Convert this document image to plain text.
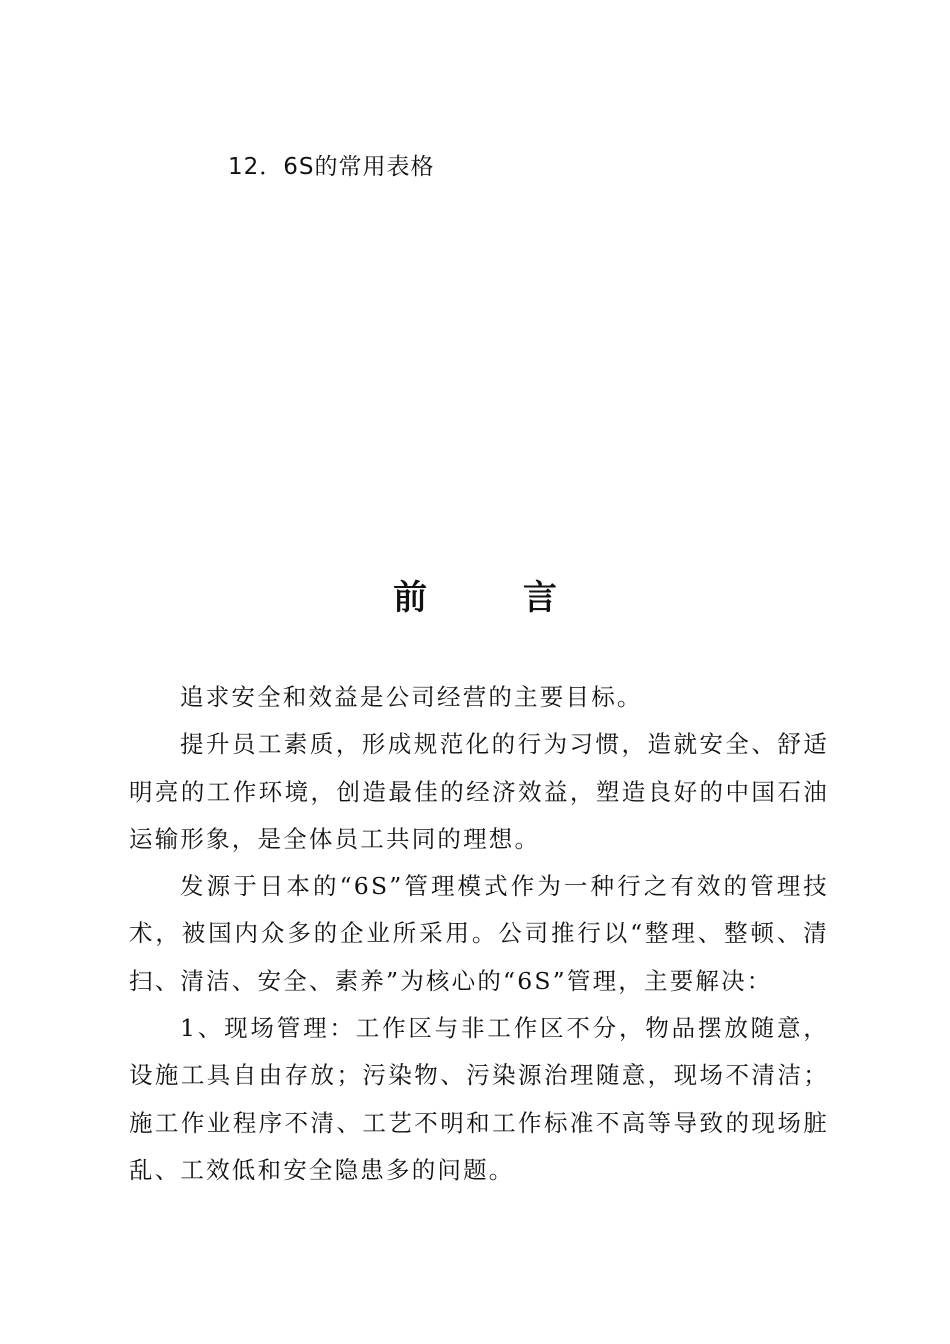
12．6S的常用表格
前 言

追求安全和效益是公司经营的主要目标。

提升员工素质，形成规范化的行为习惯，造就安全、舒适明亮的工作环境，创造最佳的经济效益，塑造良好的中国石油运输形象，是全体员工共同的理想。

发源于日本的“6S”管理模式作为一种行之有效的管理技术，被国内众多的企业所采用。公司推行以“整理、整顿、清扫、清洁、安全、素养”为核心的“6S”管理，主要解决：

1、现场管理：工作区与非工作区不分，物品摆放随意，设施工具自由存放；污染物、污染源治理随意，现场不清洁；施工作业程序不清、工艺不明和工作标准不高等导致的现场脏乱、工效低和安全隐患多的问题。
